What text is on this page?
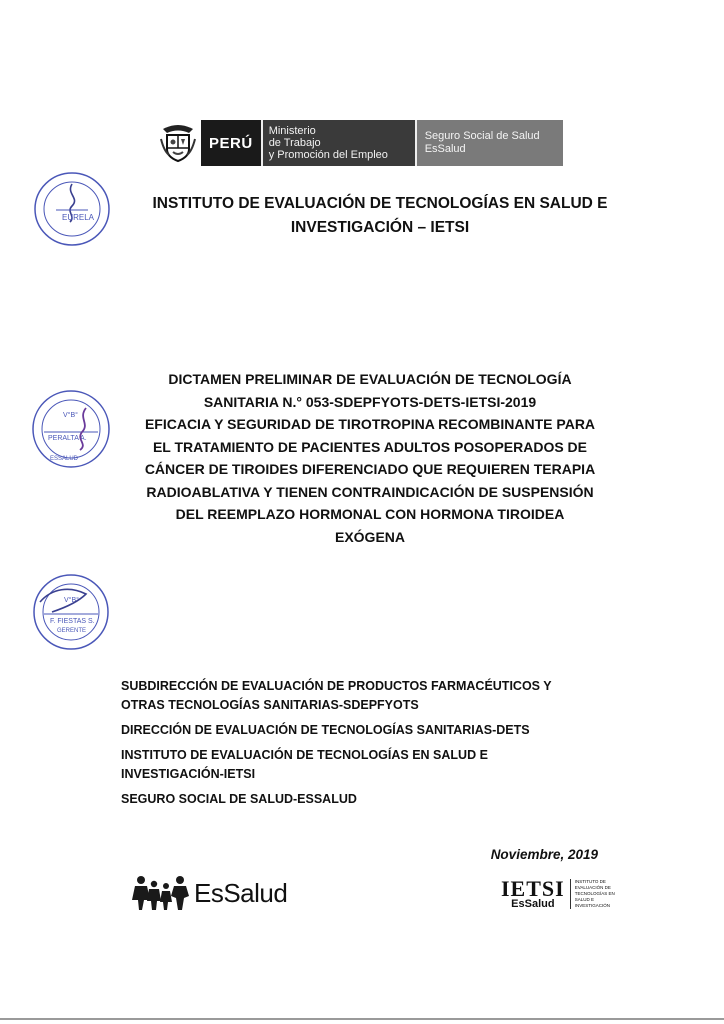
PERÚ
Ministerio
de Trabajo
y Promoción del Empleo
Seguro Social de Salud
EsSalud
EURELA
INSTITUTO DE EVALUACIÓN DE TECNOLOGÍAS EN SALUD E
INVESTIGACIÓN – IETSI
V°B°
PERALTA A.
ESSALUD
DICTAMEN PRELIMINAR DE EVALUACIÓN DE TECNOLOGÍA
SANITARIA N.° 053-SDEPFYOTS-DETS-IETSI-2019
EFICACIA Y SEGURIDAD DE TIROTROPINA RECOMBINANTE PARA
EL TRATAMIENTO DE PACIENTES ADULTOS POSOPERADOS DE
CÁNCER DE TIROIDES DIFERENCIADO QUE REQUIEREN TERAPIA
RADIOABLATIVA Y TIENEN CONTRAINDICACIÓN DE SUSPENSIÓN
DEL REEMPLAZO HORMONAL CON HORMONA TIROIDEA
EXÓGENA
V°B°
F. FIESTAS S.
GERENTE
SUBDIRECCIÓN DE EVALUACIÓN DE PRODUCTOS FARMACÉUTICOS Y
OTRAS TECNOLOGÍAS SANITARIAS-SDEPFYOTS
DIRECCIÓN DE EVALUACIÓN DE TECNOLOGÍAS SANITARIAS-DETS
INSTITUTO DE EVALUACIÓN DE TECNOLOGÍAS EN SALUD E
INVESTIGACIÓN-IETSI
SEGURO SOCIAL DE SALUD-ESSALUD
Noviembre, 2019
EsSalud	IETSI
EsSalud
INSTITUTO DE
EVALUACIÓN DE
TECNOLOGÍAS EN
SALUD E
INVESTIGACIÓN
